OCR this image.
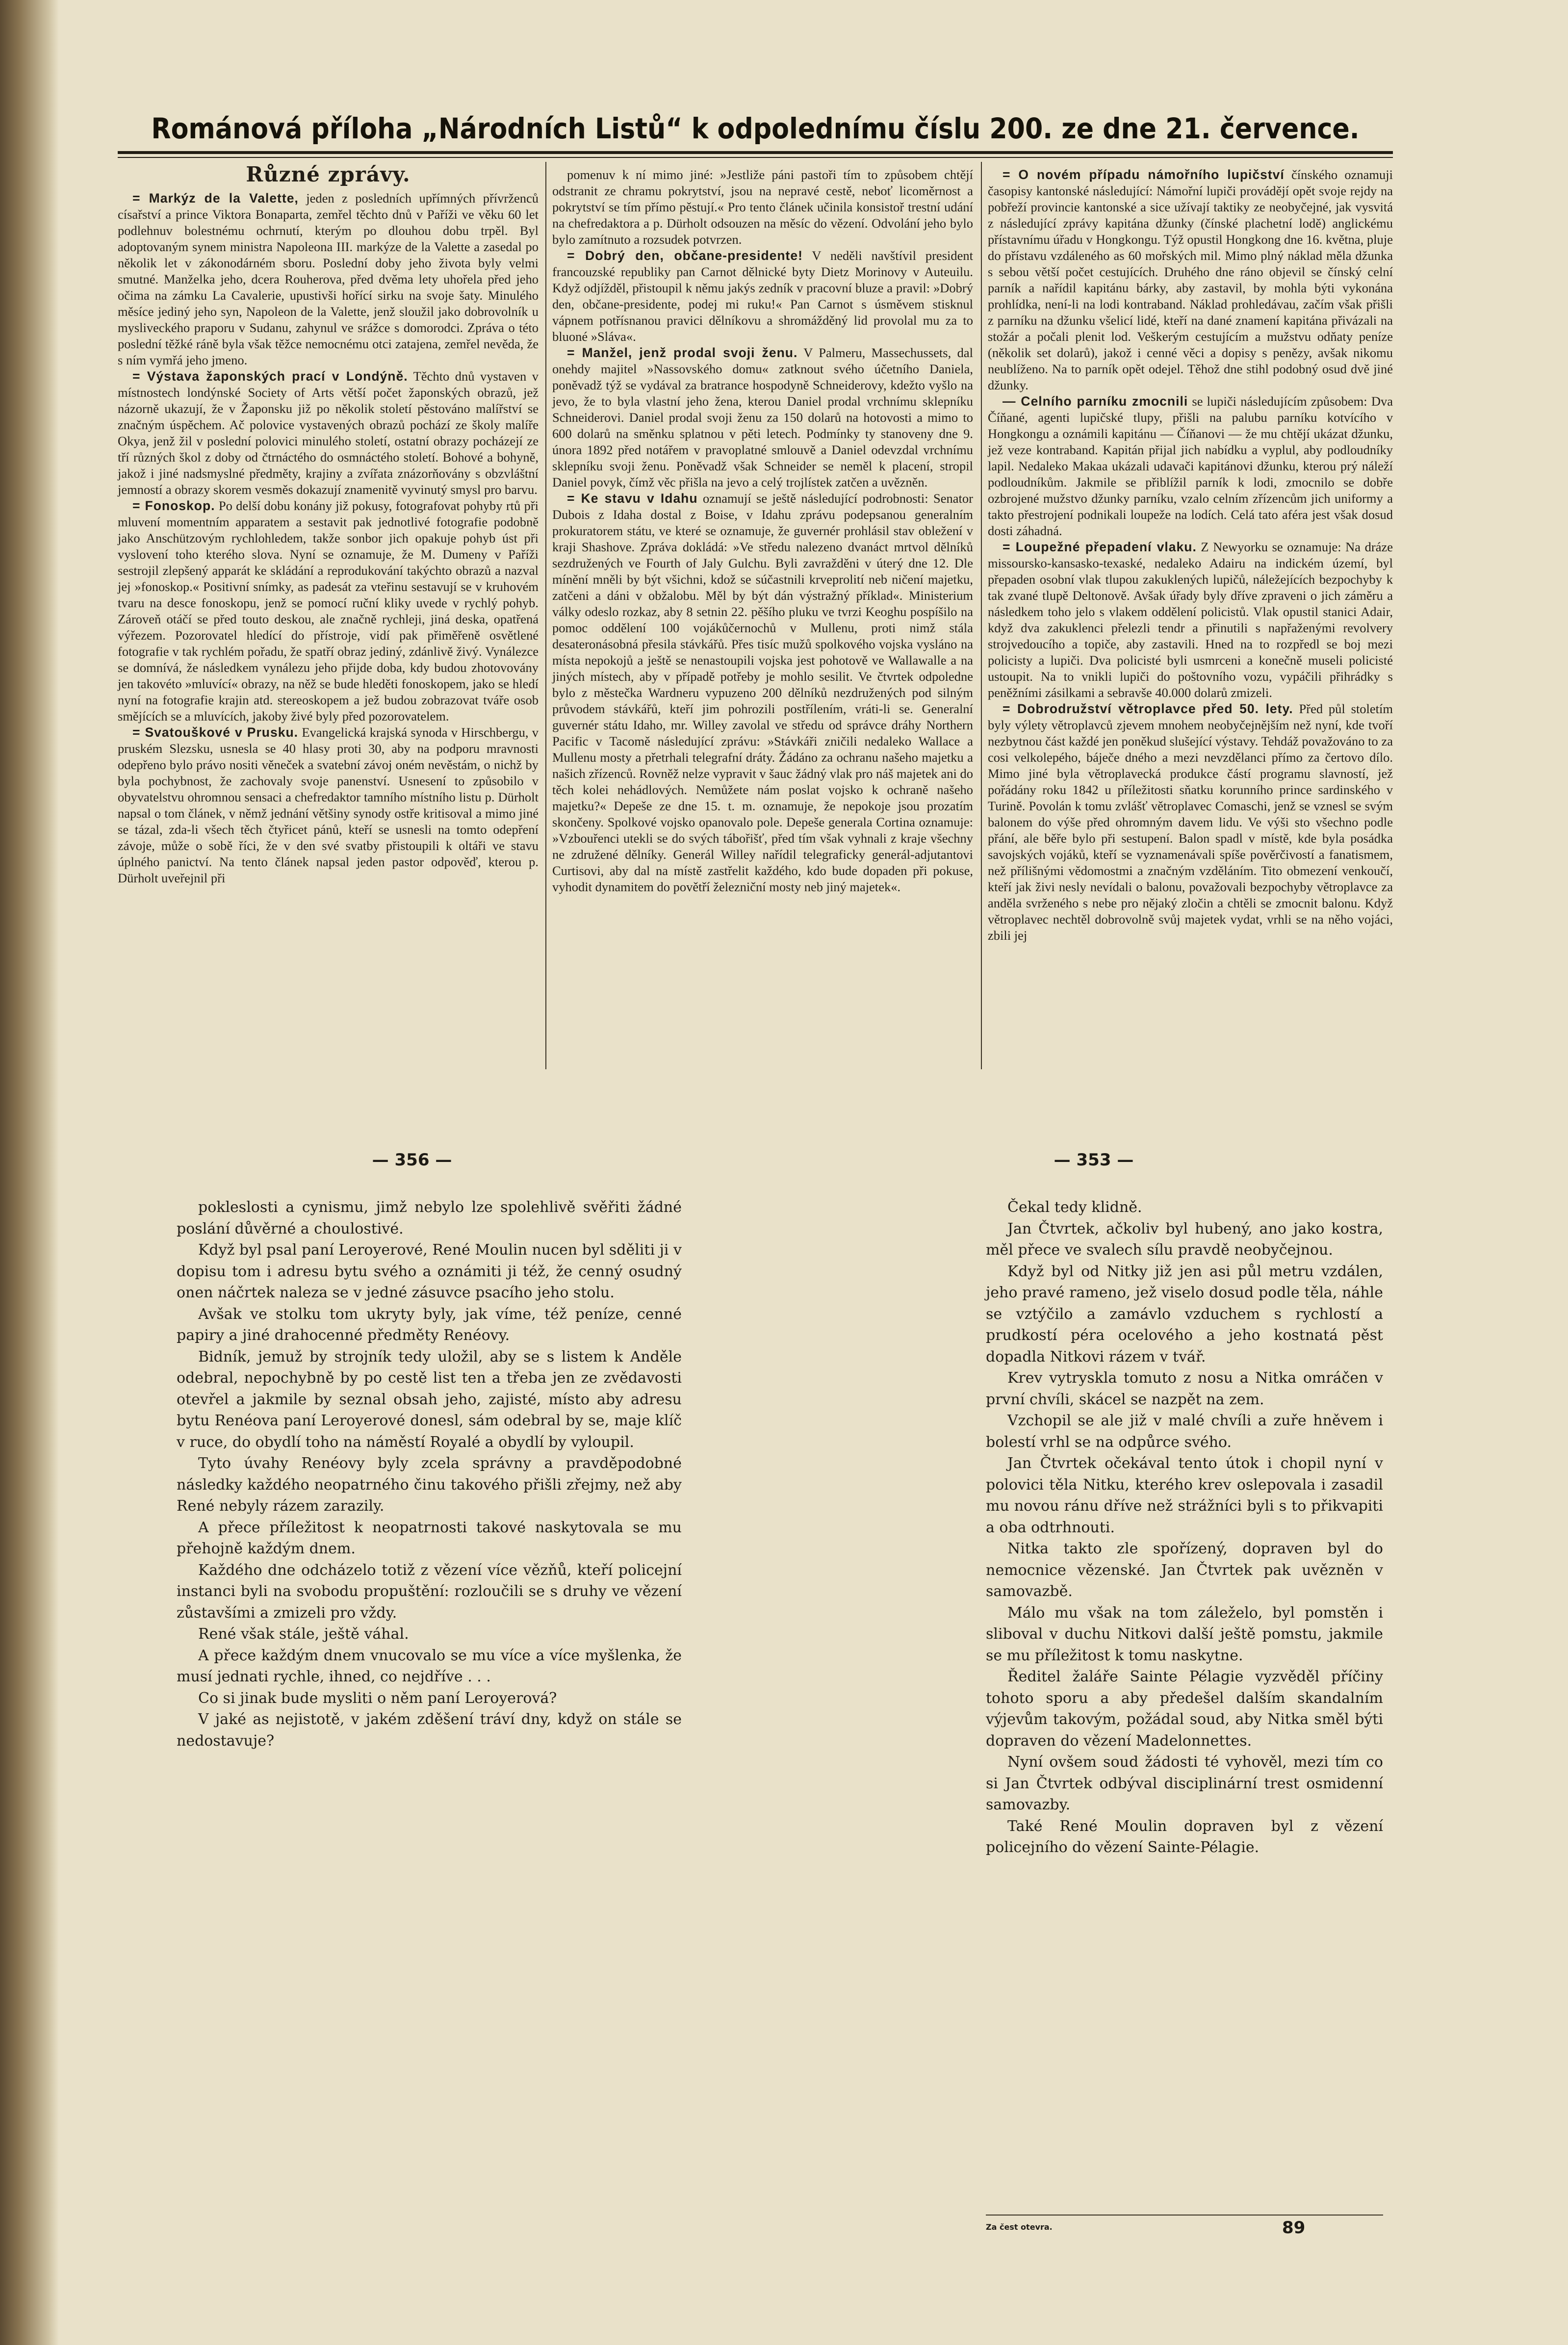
Románová příloha „Národních Listů“ k odpolednímu číslu 200. ze dne 21. července.
Různé zprávy.

= Markýz de la Valette, jeden z posledních upřímných přívrženců císařství a prince Viktora Bonaparta, zemřel těchto dnů v Paříži ve věku 60 let podlehnuv bolestnému ochrnutí, kterým po dlouhou dobu trpěl. Byl adoptovaným synem ministra Napoleona III. markýze de la Valette a zasedal po několik let v zákonodárném sboru. Poslední doby jeho života byly velmi smutné. Manželka jeho, dcera Rouherova, před dvěma lety uhořela před jeho očima na zámku La Cavalerie, upustivši hořící sirku na svoje šaty. Minulého měsíce jediný jeho syn, Napoleon de la Valette, jenž sloužil jako dobrovolník u mysliveckého praporu v Sudanu, zahynul ve srážce s domorodci. Zpráva o této poslední těžké ráně byla však těžce nemocnému otci zatajena, zemřel nevěda, že s ním vymřá jeho jmeno.

= Výstava žaponských prací v Londýně. Těchto dnů vystaven v místnostech londýnské Society of Arts větší počet žaponských obrazů, jež názorně ukazují, že v Žaponsku již po několik století pěstováno malířství se značným úspěchem. Ač polovice vystavených obrazů pochází ze školy malíře Okya, jenž žil v poslední polovici minulého století, ostatní obrazy pocházejí ze tří různých škol z doby od čtrnáctého do osmnáctého století. Bohové a bohyně, jakož i jiné nadsmyslné předměty, krajiny a zvířata znázorňovány s obzvláštní jemností a obrazy skorem vesměs dokazují znamenitě vyvinutý smysl pro barvu.

= Fonoskop. Po delší dobu konány již pokusy, fotografovat pohyby rtů při mluvení momentním apparatem a sestavit pak jednotlivé fotografie podobně jako Anschützovým rychlohledem, takže sonbor jich opakuje pohyb úst při vyslovení toho kterého slova. Nyní se oznamuje, že M. Dumeny v Paříži sestrojil zlepšený apparát ke skládání a reprodukování takýchto obrazů a nazval jej »fonoskop.« Positivní snímky, as padesát za vteřinu sestavují se v kruhovém tvaru na desce fonoskopu, jenž se pomocí ruční kliky uvede v rychlý pohyb. Zároveň otáčí se před touto deskou, ale značně rychleji, jiná deska, opatřená výřezem. Pozorovatel hledící do přístroje, vidí pak přiměřeně osvětlené fotografie v tak rychlém pořadu, že spatří obraz jediný, zdánlivě živý. Vynálezce se domnívá, že následkem vynálezu jeho přijde doba, kdy budou zhotovovány jen takovéto »mluvící« obrazy, na něž se bude hleděti fonoskopem, jako se hledí nyní na fotografie krajin atd. stereoskopem a jež budou zobrazovat tváře osob smějících se a mluvících, jakoby živé byly před pozorovatelem.

= Svatouškové v Prusku. Evangelická krajská synoda v Hirschbergu, v pruském Slezsku, usnesla se 40 hlasy proti 30, aby na podporu mravnosti odepřeno bylo právo nositi věneček a svatební závoj oném nevěstám, o nichž by byla pochybnost, že zachovaly svoje panenství. Usnesení to způsobilo v obyvatelstvu ohromnou sensaci a chefredaktor tamního místního listu p. Dürholt napsal o tom článek, v němž jednání většiny synody ostře kritisoval a mimo jiné se tázal, zda-li všech těch čtyřicet pánů, kteří se usnesli na tomto odepření závoje, může o sobě říci, že v den své svatby přistoupili k oltáři ve stavu úplného panictví. Na tento článek napsal jeden pastor odpověď, kterou p. Dürholt uveřejnil při

pomenuv k ní mimo jiné: »Jestliže páni pastoři tím to způsobem chtějí odstranit ze chramu pokrytství, jsou na nepravé cestě, neboť licoměrnost a pokrytství se tím přímo pěstují.« Pro tento článek učinila konsistoř trestní udání na chefredaktora a p. Dürholt odsouzen na měsíc do vězení. Odvolání jeho bylo bylo zamítnuto a rozsudek potvrzen.

= Dobrý den, občane-presidente! V neděli navštívil president francouzské republiky pan Carnot dělnické byty Dietz Morinovy v Auteuilu. Když odjížděl, přistoupil k němu jakýs zedník v pracovní bluze a pravil: »Dobrý den, občane-presidente, podej mi ruku!« Pan Carnot s úsměvem stisknul vápnem potřísnanou pravici dělníkovu a shromážděný lid provolal mu za to bluoné »Sláva«.

= Manžel, jenž prodal svoji ženu. V Palmeru, Massechussets, dal onehdy majitel »Nassovského domu« zatknout svého účetního Daniela, poněvadž týž se vydával za bratrance hospodyně Schneiderovy, kdežto vyšlo na jevo, že to byla vlastní jeho žena, kterou Daniel prodal vrchnímu sklepníku Schneiderovi. Daniel prodal svoji ženu za 150 dolarů na hotovosti a mimo to 600 dolarů na směnku splatnou v pěti letech. Podmínky ty stanoveny dne 9. února 1892 před notářem v pravoplatné smlouvě a Daniel odevzdal vrchnímu sklepníku svoji ženu. Poněvadž však Schneider se neměl k placení, stropil Daniel povyk, čímž věc přišla na jevo a celý trojlístek zatčen a uvězněn.

= Ke stavu v Idahu oznamují se ještě následující podrobnosti: Senator Dubois z Idaha dostal z Boise, v Idahu zprávu podepsanou generalním prokuratorem státu, ve které se oznamuje, že guvernér prohlásil stav obležení v kraji Shashove. Zpráva dokládá: »Ve středu nalezeno dvanáct mrtvol dělníků sezdružených ve Fourth of Jaly Gulchu. Byli zavražděni v úterý dne 12. Dle mínění mněli by být všichni, kdož se súčastnili krveprolití neb ničení majetku, zatčeni a dáni v obžalobu. Měl by být dán výstražný příklad«. Ministerium války odeslo rozkaz, aby 8 setnin 22. pěšího pluku ve tvrzi Keoghu pospíšilo na pomoc oddělení 100 vojákůčernochů v Mullenu, proti nimž stála desateronásobná přesila stávkářů. Přes tisíc mužů spolkového vojska vysláno na místa nepokojů a ještě se nenastoupili vojska jest pohotově ve Wallawalle a na jiných místech, aby v případě potřeby je mohlo sesilit. Ve čtvrtek odpoledne bylo z městečka Wardneru vypuzeno 200 dělníků nezdružených pod silným průvodem stávkářů, kteří jim pohrozili postřílením, vráti-li se. Generalní guvernér státu Idaho, mr. Willey zavolal ve středu od správce dráhy Northern Pacific v Tacomě následující zprávu: »Stávkáři zničili nedaleko Wallace a Mullenu mosty a přetrhali telegrafní dráty. Žádáno za ochranu našeho majetku a našich zřízenců. Rovněž nelze vypravit v šauc žádný vlak pro náš majetek ani do těch kolei nehádlových. Nemůžete nám poslat vojsko k ochraně našeho majetku?« Depeše ze dne 15. t. m. oznamuje, že nepokoje jsou prozatím skončeny. Spolkové vojsko opanovalo pole. Depeše generala Cortina oznamuje: »Vzbouřenci utekli se do svých tábořišť, před tím však vyhnali z kraje všechny ne združené dělníky. Generál Willey nařídil telegraficky generál-adjutantovi Curtisovi, aby dal na místě zastřelit každého, kdo bude dopaden při pokuse, vyhodit dynamitem do povětří železniční mosty neb jiný majetek«.

= O novém případu námořního lupičství čínského oznamuji časopisy kantonské následující: Námořní lupiči provádějí opět svoje rejdy na pobřeží provincie kantonské a sice užívají taktiky ze neobyčejné, jak vysvitá z následující zprávy kapitána džunky (čínské plachetní lodě) anglickému přístavnímu úřadu v Hongkongu. Týž opustil Hongkong dne 16. května, pluje do přístavu vzdáleného as 60 mořských mil. Mimo plný náklad měla džunka s sebou větší počet cestujících. Druhého dne ráno objevil se čínský celní parník a nařídil kapitánu bárky, aby zastavil, by mohla býti vykonána prohlídka, není-li na lodi kontraband. Náklad prohledávau, začím však přišli z parníku na džunku všelicí lidé, kteří na dané znamení kapitána přivázali na stožár a počali plenit lod. Veškerým cestujícím a mužstvu odňaty peníze (několik set dolarů), jakož i cenné věci a dopisy s penězy, avšak nikomu neublíženo. Na to parník opět odejel. Těhož dne stihl podobný osud dvě jiné džunky.

— Celního parníku zmocnili se lupiči následujícím způsobem: Dva Číňané, agenti lupičské tlupy, přišli na palubu parníku kotvícího v Hongkongu a oznámili kapitánu — Číňanovi — že mu chtějí ukázat džunku, jež veze kontraband. Kapitán přijal jich nabídku a vyplul, aby podloudníky lapil. Nedaleko Makaa ukázali udavači kapitánovi džunku, kterou prý náleží podloudníkům. Jakmile se přiblížil parník k lodi, zmocnilo se dobře ozbrojené mužstvo džunky parníku, vzalo celním zřízencům jich uniformy a takto přestrojení podnikali loupeže na lodích. Celá tato aféra jest však dosud dosti záhadná.

= Loupežné přepadení vlaku. Z Newyorku se oznamuje: Na dráze missoursko-kansasko-texaské, nedaleko Adairu na indickém území, byl přepaden osobní vlak tlupou zakuklených lupičů, náležejících bezpochyby k tak zvané tlupě Deltonově. Avšak úřady byly dříve zpraveni o jich záměru a následkem toho jelo s vlakem oddělení policistů. Vlak opustil stanici Adair, když dva zakuklenci přelezli tendr a přinutili s napřaženými revolvery strojvedoucího a topiče, aby zastavili. Hned na to rozpředl se boj mezi policisty a lupiči. Dva policisté byli usmrceni a konečně museli policisté ustoupit. Na to vnikli lupiči do poštovního vozu, vypáčili přihrádky s peněžními zásilkami a sebravše 40.000 dolarů zmizeli.

= Dobrodružství větroplavce před 50. lety. Před půl stoletím byly výlety větroplavců zjevem mnohem neobyčejnějším než nyní, kde tvoří nezbytnou část každé jen poněkud slušející výstavy. Tehdáž považováno to za cosi velkolepého, báječe dného a mezi nevzdělanci přímo za čertovo dílo. Mimo jiné byla větroplavecká produkce částí programu slavností, jež pořádány roku 1842 u příležitosti sňatku korunního prince sardinského v Turině. Povolán k tomu zvlášť větroplavec Comaschi, jenž se vznesl se svým balonem do výše před ohromným davem lidu. Ve výši sto všechno podle přání, ale běře bylo při sestupení. Balon spadl v místě, kde byla posádka savojských vojáků, kteří se vyznamenávali spíše pověrčivostí a fanatismem, než přílišnými vědomostmi a značným vzděláním. Tito obmezení venkoučí, kteří jak živi nesly nevídali o balonu, považovali bezpochyby větroplavce za anděla svrženého s nebe pro nějaký zločin a chtěli se zmocnit balonu. Když větroplavec nechtěl dobrovolně svůj majetek vydat, vrhli se na něho vojáci, zbili jej

— 356 —	— 353 —

pokleslosti a cynismu, jimž nebylo lze spolehlivě svěřiti žádné poslání důvěrné a choulostivé.

Když byl psal paní Leroyerové, René Moulin nucen byl sděliti ji v dopisu tom i adresu bytu svého a oznámiti ji též, že cenný osudný onen náčrtek naleza se v jedné zásuvce psacího jeho stolu.

Avšak ve stolku tom ukryty byly, jak víme, též peníze, cenné papiry a jiné drahocenné předměty Renéovy.

Bidník, jemuž by strojník tedy uložil, aby se s listem k Anděle odebral, nepochybně by po cestě list ten a třeba jen ze zvědavosti otevřel a jakmile by seznal obsah jeho, zajisté, místo aby adresu bytu Renéova paní Leroyerové donesl, sám odebral by se, maje klíč v ruce, do obydlí toho na náměstí Royalé a obydlí by vyloupil.

Tyto úvahy Renéovy byly zcela správny a pravděpodobné následky každého neopatrného činu takového přišli zřejmy, než aby René nebyly rázem zarazily.

A přece příležitost k neopatrnosti takové naskytovala se mu přehojně každým dnem.

Každého dne odcházelo totiž z vězení více vězňů, kteří policejní instanci byli na svobodu propuštění: rozloučili se s druhy ve vězení zůstavšími a zmizeli pro vždy.

René však stále, ještě váhal.

A přece každým dnem vnucovalo se mu více a více myšlenka, že musí jednati rychle, ihned, co nejdříve . . .

Co si jinak bude mysliti o něm paní Leroyerová?

V jaké as nejistotě, v jakém zděšení tráví dny, když on stále se nedostavuje?

Čekal tedy klidně.

Jan Čtvrtek, ačkoliv byl hubený, ano jako kostra, měl přece ve svalech sílu pravdě neobyčejnou.

Když byl od Nitky již jen asi půl metru vzdálen, jeho pravé rameno, jež viselo dosud podle těla, náhle se vztýčilo a zamávlo vzduchem s rychlostí a prudkostí péra ocelového a jeho kostnatá pěst dopadla Nitkovi rázem v tvář.

Krev vytryskla tomuto z nosu a Nitka omráčen v první chvíli, skácel se nazpět na zem.

Vzchopil se ale již v malé chvíli a zuře hněvem i bolestí vrhl se na odpůrce svého.

Jan Čtvrtek očekával tento útok i chopil nyní v polovici těla Nitku, kterého krev oslepovala i zasadil mu novou ránu dříve než strážníci byli s to přikvapiti a oba odtrhnouti.

Nitka takto zle spořízený, dopraven byl do nemocnice vězenské. Jan Čtvrtek pak uvězněn v samovazbě.

Málo mu však na tom záleželo, byl pomstěn i sliboval v duchu Nitkovi další ještě pomstu, jakmile se mu příležitost k tomu naskytne.

Ředitel žaláře Sainte Pélagie vyzvěděl příčiny tohoto sporu a aby předešel dalším skandalním výjevům takovým, požádal soud, aby Nitka směl býti dopraven do vězení Madelonnettes.

Nyní ovšem soud žádosti té vyhověl, mezi tím co si Jan Čtvrtek odbýval disciplinární trest osmidenní samovazby.

Také René Moulin dopraven byl z vězení policejního do vězení Sainte-Pélagie.

Za čest otevra.	89
